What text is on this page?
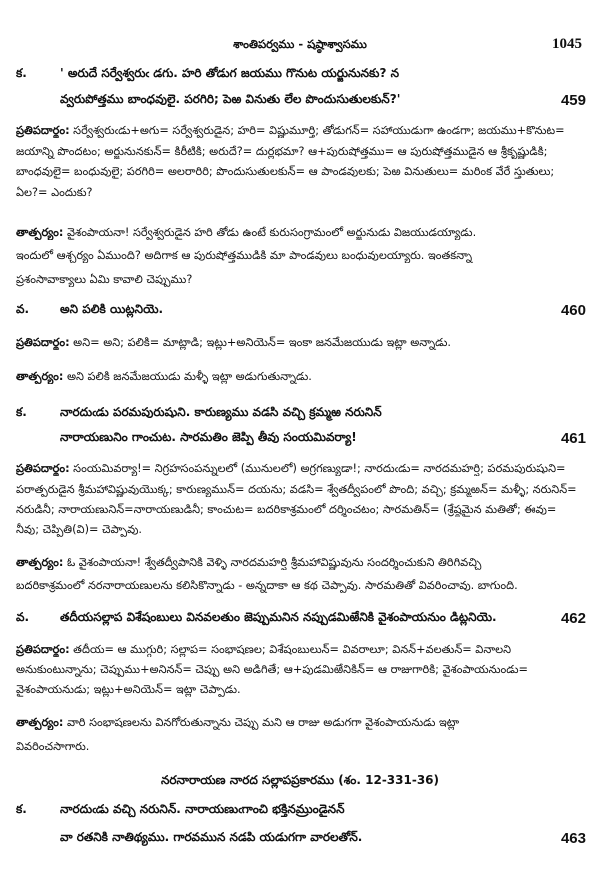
శాంతిపర్వము - షష్ఠాశ్వాసము	1045
క.	' అరుదే సర్వేశ్వరుఁ డగు. హరి తోడుగ జయము గొనుట యర్జునునకు? న
వ్వరుపోత్తము బాంధవులై. పరగిరి; పెఱ వినుతు లేల పొందుసుతులకున్?'	459
ప్రతిపదార్థం: సర్వేశ్వరుఁడు+అగు= సర్వేశ్వరుడైన; హరి= విష్ణుమూర్తి; తోడుగన్= సహాయుడుగా ఉండగా; జయము+కొనుట=
జయాన్ని పొందటం; అర్జునునకున్= కిరీటికి; అరుదే?= దుర్లభమా? ఆ+పురుషోత్తము= ఆ పురుషోత్తముడైన ఆ శ్రీకృష్ణుడికి;
బాంధవులై= బంధువులై; పరగిరి= అలరారిరి; పొందుసుతులకున్= ఆ పాండవులకు; పెఱ వినుతులు= మరింక వేరే స్తుతులు;
ఏల?= ఎందుకు?
తాత్పర్యం: వైశంపాయనా! సర్వేశ్వరుడైన హరి తోడు ఉంటే కురుసంగ్రామంలో అర్జునుడు విజయుడయ్యాడు.
ఇందులో ఆశ్చర్యం ఏముంది? అదిగాక ఆ పురుషోత్తముడికి మా పాండవులు బంధువులయ్యారు. ఇంతకన్నా
ప్రశంసావాక్యాలు ఏమి కావాలి చెప్పుము?
వ.	అని పలికి యిట్లనియె.	460
ప్రతిపదార్థం: అని= అని; పలికి= మాట్లాడి; ఇట్లు+అనియెన్= ఇంకా జనమేజయుడు ఇట్లా అన్నాడు.
తాత్పర్యం: అని పలికి జనమేజయుడు మళ్ళీ ఇట్లా అడుగుతున్నాడు.
క.	నారదుఁడు పరమపురుషుని. కారుణ్యము వడసి వచ్చి క్రమ్మఱ నరునిన్
నారాయణునిం గాంచుట. సారమతిం జెప్పి తీవు సంయమివర్యా!	461
ప్రతిపదార్థం: సంయమివర్యా!= నిగ్రహసంపన్నులలో (మునులలో) అగ్రగణ్యుడా!; నారదుఁడు= నారదమహర్షి; పరమపురుషుని=
పరాత్పరుడైన శ్రీమహావిష్ణువుయొక్క; కారుణ్యమున్= దయను; వడసి= శ్వేతద్వీపంలో పొంది; వచ్చి; క్రమ్మఱన్= మళ్ళీ; నరునిన్=
నరుడినీ; నారాయణునిన్=నారాయణుడినీ; కాంచుట= బదరికాశ్రమంలో దర్శించటం; సారమతిన్= (శ్రేష్ఠమైన మతితో; ఈవు=
నీవు; చెప్పితి(వి)= చెప్పావు.
తాత్పర్యం: ఓ వైశంపాయనా! శ్వేతద్వీపానికి వెళ్ళి నారదమహర్షి శ్రీమహావిష్ణువును సందర్శించుకుని తిరిగివచ్చి
బదరికాశ్రమంలో నరనారాయణులను కలిసికొన్నాడు - అన్నదాకా ఆ కథ చెప్పావు. సారమతితో వివరించావు. బాగుంది.
వ.	తదీయసల్లాప విశేషంబులు వినవలతుం జెప్పుమనిన నప్పుడమిఱేనికి వైశంపాయనుం డిట్లనియె.	462
ప్రతిపదార్థం: తదీయ= ఆ ముగ్గురి; సల్లాప= సంభాషణల; విశేషంబులున్= వివరాలూ; వినన్+వలతున్= వినాలని
అనుకుంటున్నాను; చెప్పుము+అనినన్= చెప్పు అని అడిగితే; ఆ+పుడమిఱేనికిన్= ఆ రాజుగారికి; వైశంపాయనుండు=
వైశంపాయనుడు; ఇట్లు+అనియెన్= ఇట్లా చెప్పాడు.
తాత్పర్యం: వారి సంభాషణలను వినగోరుతున్నాను చెప్పు మని ఆ రాజు అడుగగా వైశంపాయనుడు ఇట్లా
వివరించసాగారు.
నరనారాయణ నారద సల్లాపప్రకారము (శం. 12-331-36)
క.	నారదుఁడు వచ్చి నరునిన్. నారాయణుఁగాంచి భక్తినమ్రుండైనన్
వా రతనికి నాతిథ్యము. గారవమున నడపి యడుగగా వారలతోన్.	463
